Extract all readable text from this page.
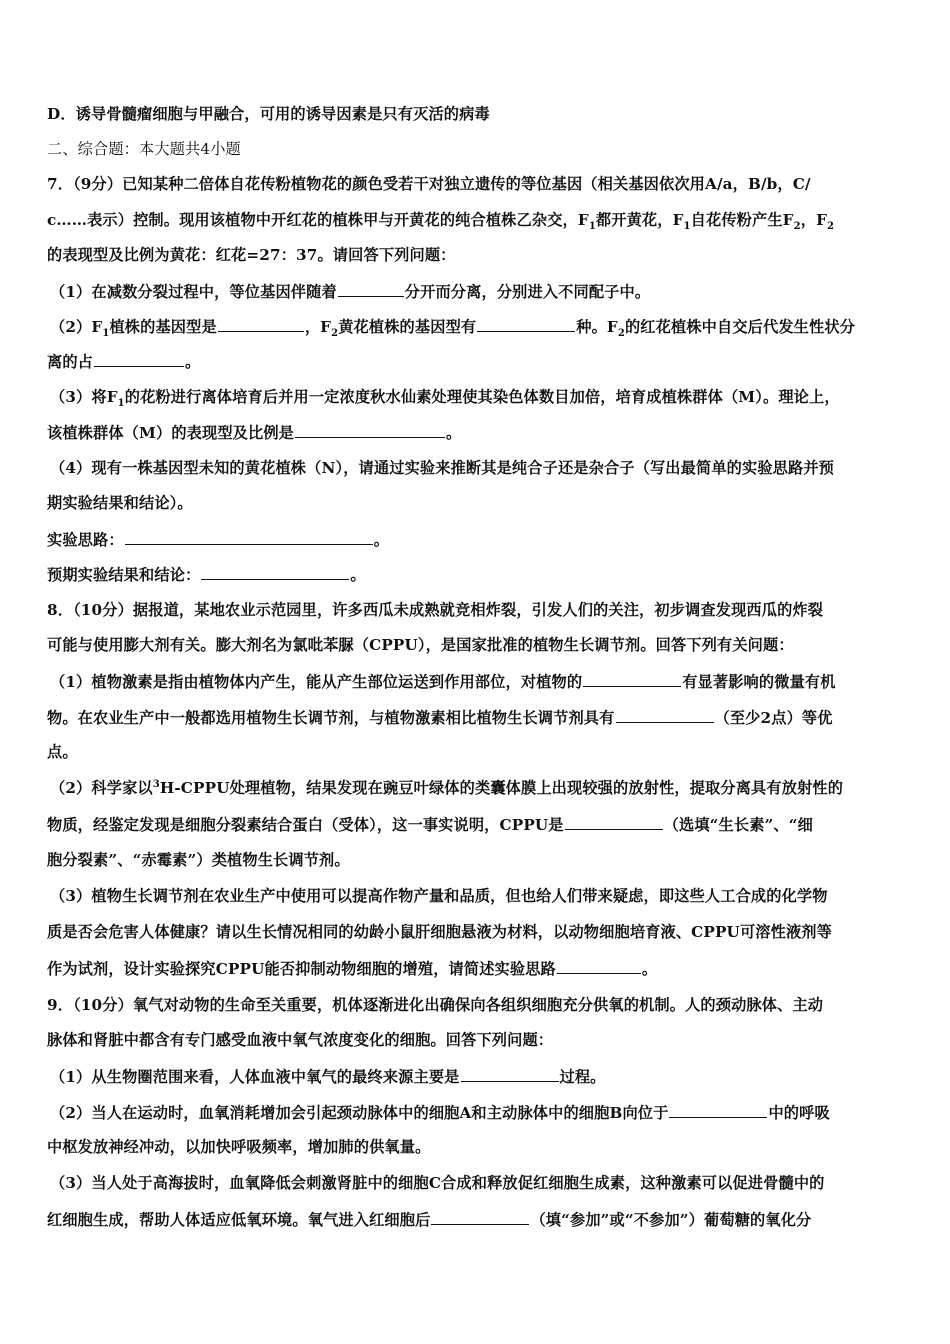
D．诱导骨髓瘤细胞与甲融合，可用的诱导因素是只有灭活的病毒
二、综合题：本大题共4小题
7．（9分）已知某种二倍体自花传粉植物花的颜色受若干对独立遗传的等位基因（相关基因依次用A/a，B/b，C/
c……表示）控制。现用该植物中开红花的植株甲与开黄花的纯合植株乙杂交，$F_1$都开黄花，$F_1$自花传粉产生$F_2$，$F_2$
的表现型及比例为黄花：红花=27：37。请回答下列问题：
（1）在减数分裂过程中，等位基因伴随着	分开而分离，分别进入不同配子中。
$(2)F_1$植株的基因型是	，$F_2$黄花植株的基因型有	种。$F_2$的红花植株中自交后代发生性状分
离的占	。
（3）将$F_1$的花粉进行离体培育后并用一定浓度秋水仙素处理使其染色体数目加倍，培育成植株群体（M）。理论上，
该植株群体（M）的表现型及比例是	。
（4）现有一株基因型未知的黄花植株（N），请通过实验来推断其是纯合子还是杂合子（写出最简单的实验思路并预
期实验结果和结论）。
实验思路：	。
预期实验结果和结论：	。
8．（10分）据报道，某地农业示范园里，许多西瓜未成熟就竞相炸裂，引发人们的关注，初步调查发现西瓜的炸裂
可能与使用膨大剂有关。膨大剂名为氯吡苯脲（CPPU），是国家批准的植物生长调节剂。回答下列有关问题：
（1）植物激素是指由植物体内产生，能从产生部位运送到作用部位，对植物的	有显著影响的微量有机
物。在农业生产中一般都选用植物生长调节剂，与植物激素相比植物生长调节剂具有	（至少2点）等优
点。
（2）科学家以$^3$H-CPPU处理植物，结果发现在豌豆叶绿体的类囊体膜上出现较强的放射性，提取分离具有放射性的
物质，经鉴定发现是细胞分裂素结合蛋白（受体），这一事实说明，CPPU是	（选填“生长素”、“细
胞分裂素”、“赤霉素”）类植物生长调节剂。
（3）植物生长调节剂在农业生产中使用可以提高作物产量和品质，但也给人们带来疑虑，即这些人工合成的化学物
质是否会危害人体健康？请以生长情况相同的幼龄小鼠肝细胞悬液为材料，以动物细胞培育液、CPPU可溶性液剂等
作为试剂，设计实验探究CPPU能否抑制动物细胞的增殖，请简述实验思路	。
9．（10分）氧气对动物的生命至关重要，机体逐渐进化出确保向各组织细胞充分供氧的机制。人的颈动脉体、主动
脉体和肾脏中都含有专门感受血液中氧气浓度变化的细胞。回答下列问题：
（1）从生物圈范围来看，人体血液中氧气的最终来源主要是	过程。
（2）当人在运动时，血氧消耗增加会引起颈动脉体中的细胞A和主动脉体中的细胞B向位于	中的呼吸
中枢发放神经冲动，以加快呼吸频率，增加肺的供氧量。
（3）当人处于高海拔时，血氧降低会刺激肾脏中的细胞C合成和释放促红细胞生成素，这种激素可以促进骨髓中的
红细胞生成，帮助人体适应低氧环境。氧气进入红细胞后	（填“参加”或“不参加”）葡萄糖的氧化分
